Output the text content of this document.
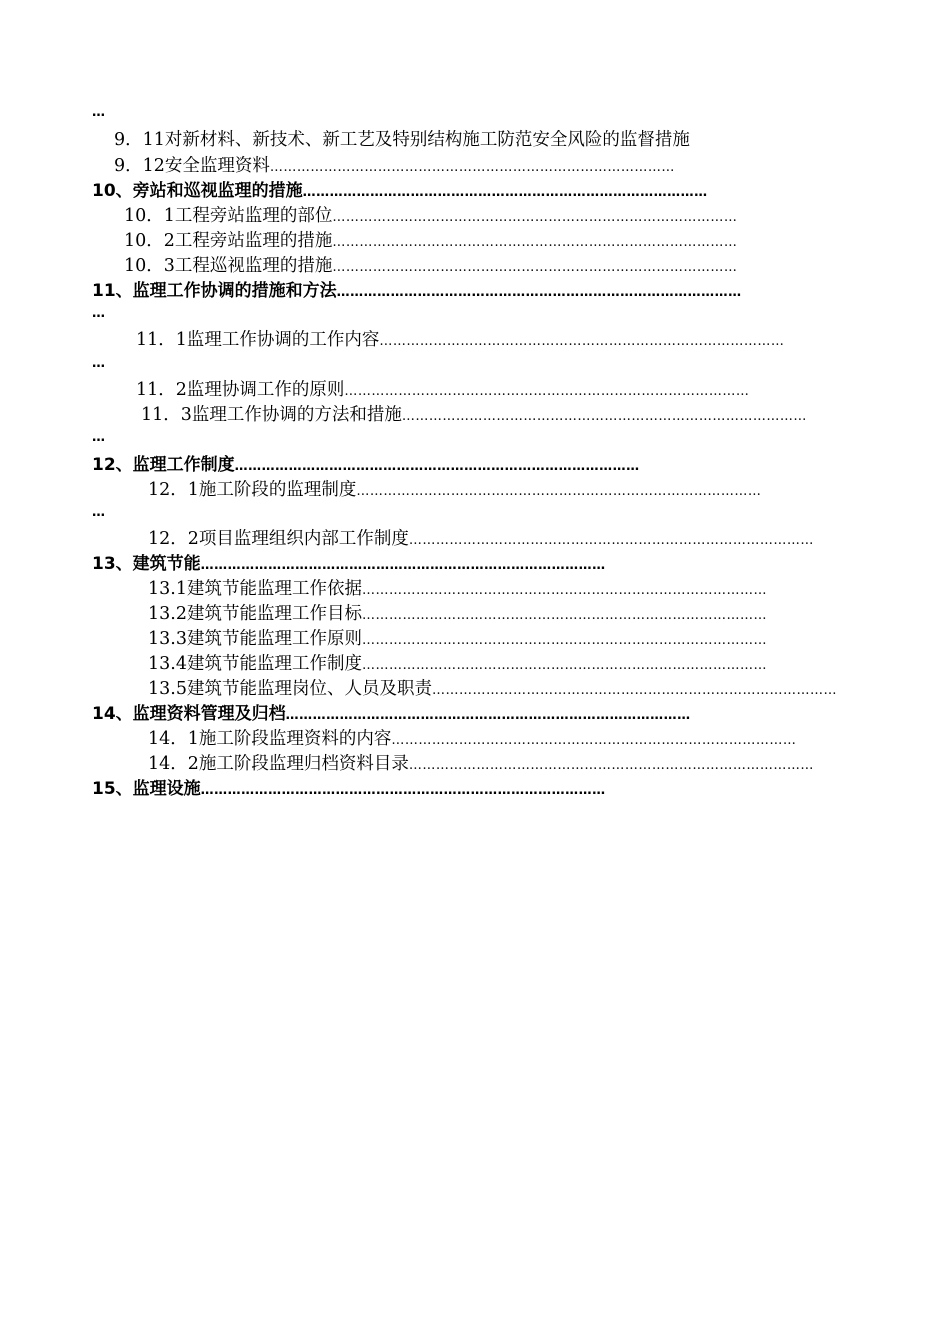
…
9．11对新材料、新技术、新工艺及特别结构施工防范安全风险的监督措施
9．12安全监理资料………………………………………………………………………………
10、旁站和巡视监理的措施………………………………………………………………………………
10．1工程旁站监理的部位………………………………………………………………………………
10．2工程旁站监理的措施………………………………………………………………………………
10．3工程巡视监理的措施………………………………………………………………………………
11、监理工作协调的措施和方法………………………………………………………………………………
…
11．1监理工作协调的工作内容………………………………………………………………………………
…
11．2监理协调工作的原则………………………………………………………………………………
11．3监理工作协调的方法和措施………………………………………………………………………………
…
12、监理工作制度………………………………………………………………………………
12．1施工阶段的监理制度………………………………………………………………………………
…
12．2项目监理组织内部工作制度………………………………………………………………………………
13、建筑节能………………………………………………………………………………
13.1建筑节能监理工作依据………………………………………………………………………………
13.2建筑节能监理工作目标………………………………………………………………………………
13.3建筑节能监理工作原则………………………………………………………………………………
13.4建筑节能监理工作制度………………………………………………………………………………
13.5建筑节能监理岗位、人员及职责………………………………………………………………………………
14、监理资料管理及归档………………………………………………………………………………
14．1施工阶段监理资料的内容………………………………………………………………………………
14．2施工阶段监理归档资料目录………………………………………………………………………………
15、监理设施………………………………………………………………………………
